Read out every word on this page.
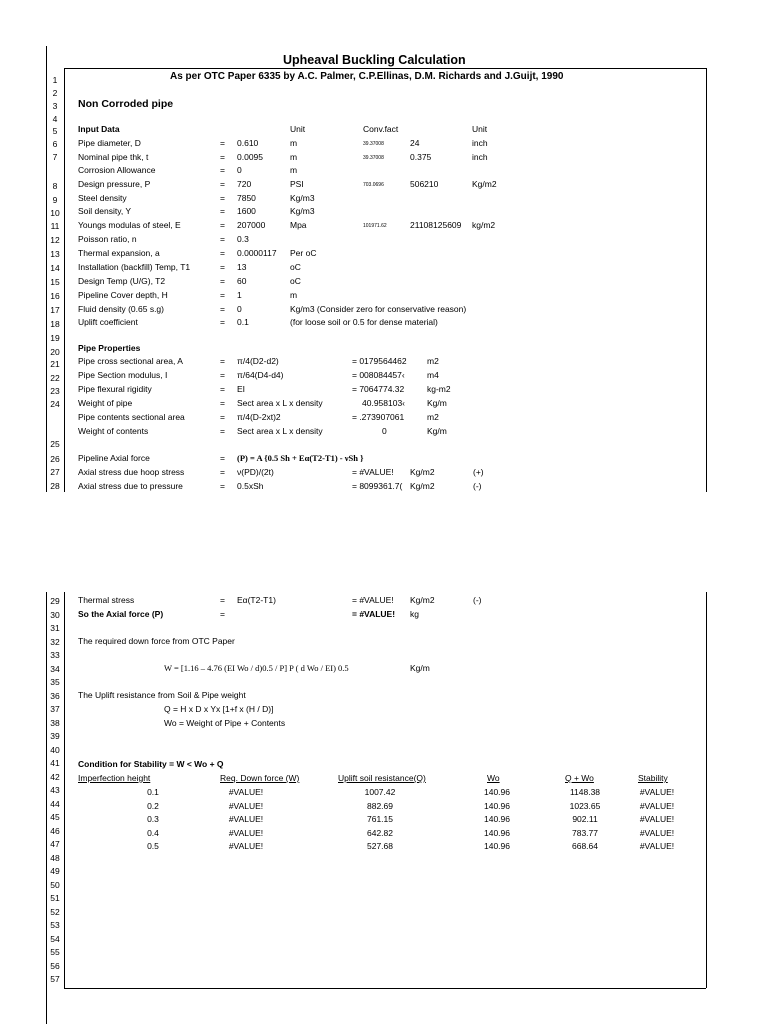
Upheaval Buckling Calculation
As per OTC Paper 6335 by A.C. Palmer, C.P.Ellinas, D.M. Richards and J.Guijt, 1990
1
2
3
4
5
6
7
8
9
10
11
12
13
14
15
16
17
18
19
20
21
22
23
24
25
26
27
28
Non Corroded pipe
Input Data	Unit	Conv.fact	Unit
Pipe diameter, D	= 0.610	m	39.37008	24	inch
Nominal pipe thk, t	= 0.0095	m	39.37008	0.375	inch
Corrosion Allowance	= 0	m
Design pressure, P	= 720	PSI	703.0696	506210	Kg/m2
Steel density	= 7850	Kg/m3
Soil density, Y	= 1600	Kg/m3
Youngs modulas of steel, E	= 207000	Mpa	101971.62	21108125609 kg/m2
Poisson ratio, n	= 0.3
Thermal expansion, a	= 0.0000117 Per oC
Installation (backfill) Temp, T1	= 13	oC
Design Temp (U/G), T2	= 60	oC
Pipeline Cover depth, H	= 1	m
Fluid density (0.65 s.g)	= 0	Kg/m3 (Consider zero for conservative reason)
Uplift coefficient	= 0.1	(for loose soil or 0.5 for dense material)
Pipe Properties
Pipe cross sectional area, A	= π/4(D2-d2)	= 0179564462	m2
Pipe Section modulus, I	= π/64(D4-d4)	= 008084457‹	m4
Pipe flexural rigidity	= EI	= 7064774.32	kg-m2
Weight of pipe	= Sect area x L x density	40.958103‹	Kg/m
Pipe contents sectional area	= π/4(D-2xt)2	= .273907061	m2
Weight of contents	= Sect area x L x density	0	Kg/m
Pipeline Axial force	= (P) = A {0.5 Sh + Eα(T2-T1) - νSh }
Axial stress due hoop stress	= ν(PD)/(2t)	= #VALUE!	Kg/m2	(+)
Axial stress due to pressure	= 0.5xSh	= 8099361.7( Kg/m2	(-)
29
30
31
32
33
34
35
36
37
38
39
40
41
42
43
44
45
46
47
48
49
50
51
52
53
54
55
56
57
Thermal stress	= Eα(T2-T1)	= #VALUE! Kg/m2	(-)
So the Axial force (P)	=	= #VALUE! kg
The required down force from OTC Paper
W = [1.16 – 4.76 (EI Wo / d)0.5 / P] P ( d Wo / EI) 0.5	Kg/m
The Uplift resistance from Soil & Pipe weight
Q = H x D x Yx [1+f x (H / D)]
Wo = Weight of Pipe + Contents
Condition for Stability = W < Wo + Q
Imperfection height	Req. Down force (W)	Uplift soil resistance(Q)	Wo	Q + Wo	Stability
0.1	#VALUE!	1007.42	140.96	1148.38	#VALUE!
0.2	#VALUE!	882.69	140.96	1023.65	#VALUE!
0.3	#VALUE!	761.15	140.96	902.11	#VALUE!
0.4	#VALUE!	642.82	140.96	783.77	#VALUE!
0.5	#VALUE!	527.68	140.96	668.64	#VALUE!
